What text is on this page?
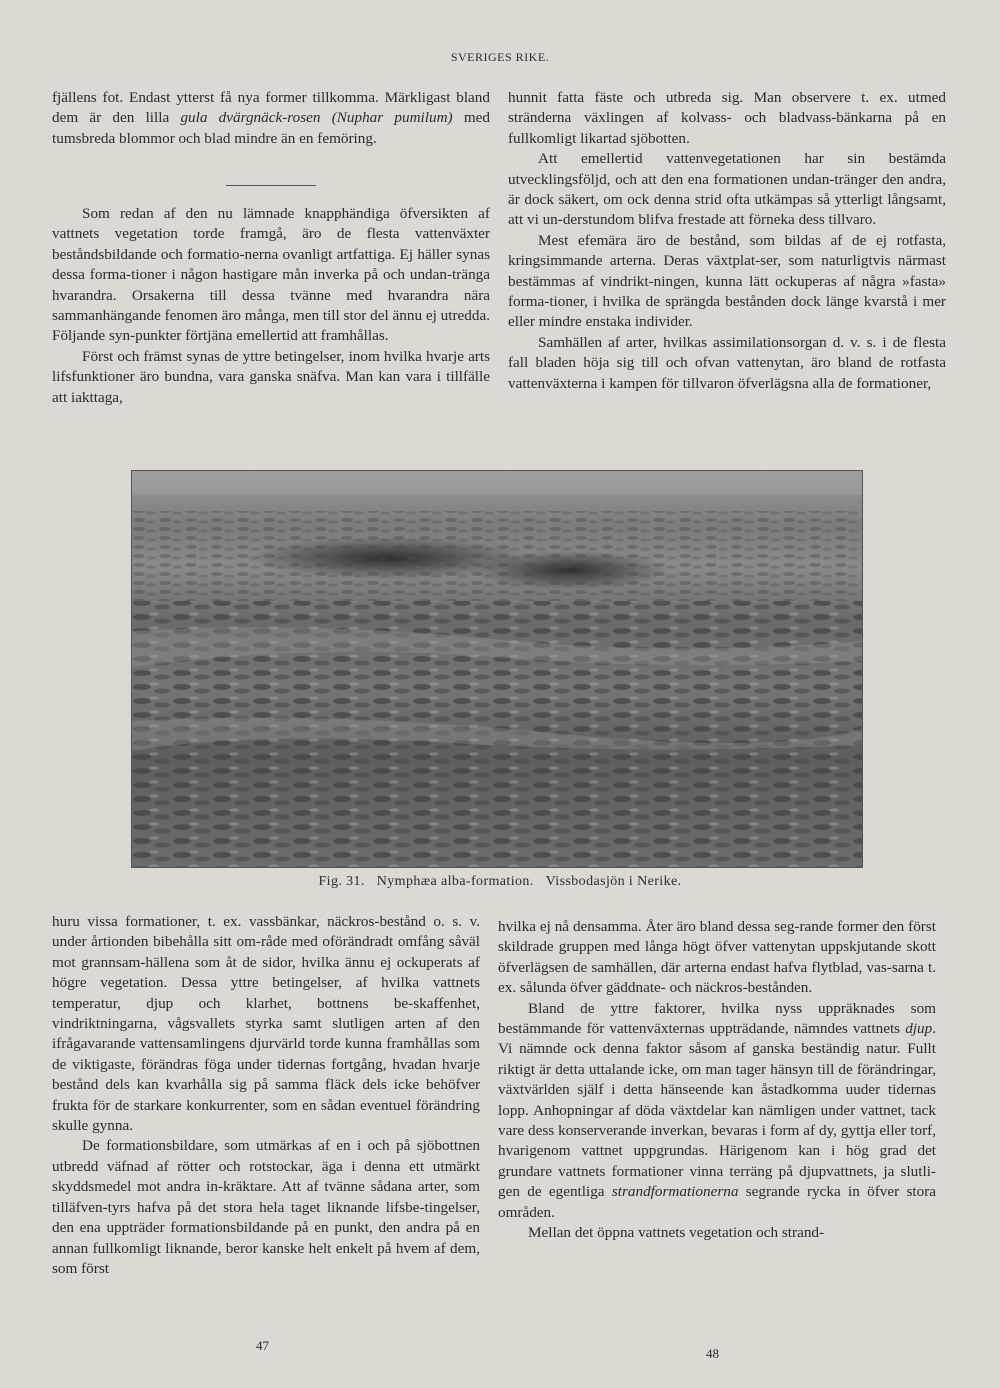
SVERIGES RIKE.

fjällens fot. Endast ytterst få nya former tillkomma. Märkligast bland dem är den lilla gula dvärgnäck-rosen (Nuphar pumilum) med tumsbreda blommor och blad mindre än en femöring.

Som redan af den nu lämnade knapphändiga öfversikten af vattnets vegetation torde framgå, äro de flesta vattenväxter beståndsbildande och formatio-nerna ovanligt artfattiga. Ej häller synas dessa forma-tioner i någon hastigare mån inverka på och undan-tränga hvarandra. Orsakerna till dessa tvänne med hvarandra nära sammanhängande fenomen äro många, men till stor del ännu ej utredda. Följande syn-punkter förtjäna emellertid att framhållas.

Först och främst synas de yttre betingelser, inom hvilka hvarje arts lifsfunktioner äro bundna, vara ganska snäfva. Man kan vara i tillfälle att iakttaga,

hunnit fatta fäste och utbreda sig. Man observere t. ex. utmed stränderna växlingen af kolvass- och bladvass-bänkarna på en fullkomligt likartad sjöbotten.

Att emellertid vattenvegetationen har sin bestämda utvecklingsföljd, och att den ena formationen undan-tränger den andra, är dock säkert, om ock denna strid ofta utkämpas så ytterligt långsamt, att vi un-derstundom blifva frestade att förneka dess tillvaro.

Mest efemära äro de bestånd, som bildas af de ej rotfasta, kringsimmande arterna. Deras växtplat-ser, som naturligtvis närmast bestämmas af vindrikt-ningen, kunna lätt ockuperas af några »fasta» forma-tioner, i hvilka de sprängda bestånden dock länge kvarstå i mer eller mindre enstaka individer.

Samhällen af arter, hvilkas assimilationsorgan d. v. s. i de flesta fall bladen höja sig till och ofvan vattenytan, äro bland de rotfasta vattenväxterna i kampen för tillvaron öfverlägsna alla de formationer,

Fig. 31. Nymphæa alba-formation. Vissbodasjön i Nerike.

huru vissa formationer, t. ex. vassbänkar, näckros-bestånd o. s. v. under årtionden bibehålla sitt om-råde med oförändradt omfång såväl mot grannsam-hällena som åt de sidor, hvilka ännu ej ockuperats af högre vegetation. Dessa yttre betingelser, af hvilka vattnets temperatur, djup och klarhet, bottnens be-skaffenhet, vindriktningarna, vågsvallets styrka samt slutligen arten af den ifrågavarande vattensamlingens djurvärld torde kunna framhållas som de viktigaste, förändras föga under tidernas fortgång, hvadan hvarje bestånd dels kan kvarhålla sig på samma fläck dels icke behöfver frukta för de starkare konkurrenter, som en sådan eventuel förändring skulle gynna.

De formationsbildare, som utmärkas af en i och på sjöbottnen utbredd väfnad af rötter och rotstockar, äga i denna ett utmärkt skyddsmedel mot andra in-kräktare. Att af tvänne sådana arter, som tilläfven-tyrs hafva på det stora hela taget liknande lifsbe-tingelser, den ena uppträder formationsbildande på en punkt, den andra på en annan fullkomligt liknande, beror kanske helt enkelt på hvem af dem, som först

hvilka ej nå densamma. Åter äro bland dessa seg-rande former den först skildrade gruppen med långa högt öfver vattenytan uppskjutande skott öfverlägsen de samhällen, där arterna endast hafva flytblad, vas-sarna t. ex. sålunda öfver gäddnate- och näckros-bestånden.

Bland de yttre faktorer, hvilka nyss uppräknades som bestämmande för vattenväxternas uppträdande, nämndes vattnets djup. Vi nämnde ock denna faktor såsom af ganska beständig natur. Fullt riktigt är detta uttalande icke, om man tager hänsyn till de förändringar, växtvärlden själf i detta hänseende kan åstadkomma uuder tidernas lopp. Anhopningar af döda växtdelar kan nämligen under vattnet, tack vare dess konserverande inverkan, bevaras i form af dy, gyttja eller torf, hvarigenom vattnet uppgrundas. Härigenom kan i hög grad det grundare vattnets formationer vinna terräng på djupvattnets, ja slutli-gen de egentliga strandformationerna segrande rycka in öfver stora områden.

Mellan det öppna vattnets vegetation och strand-

47
48
